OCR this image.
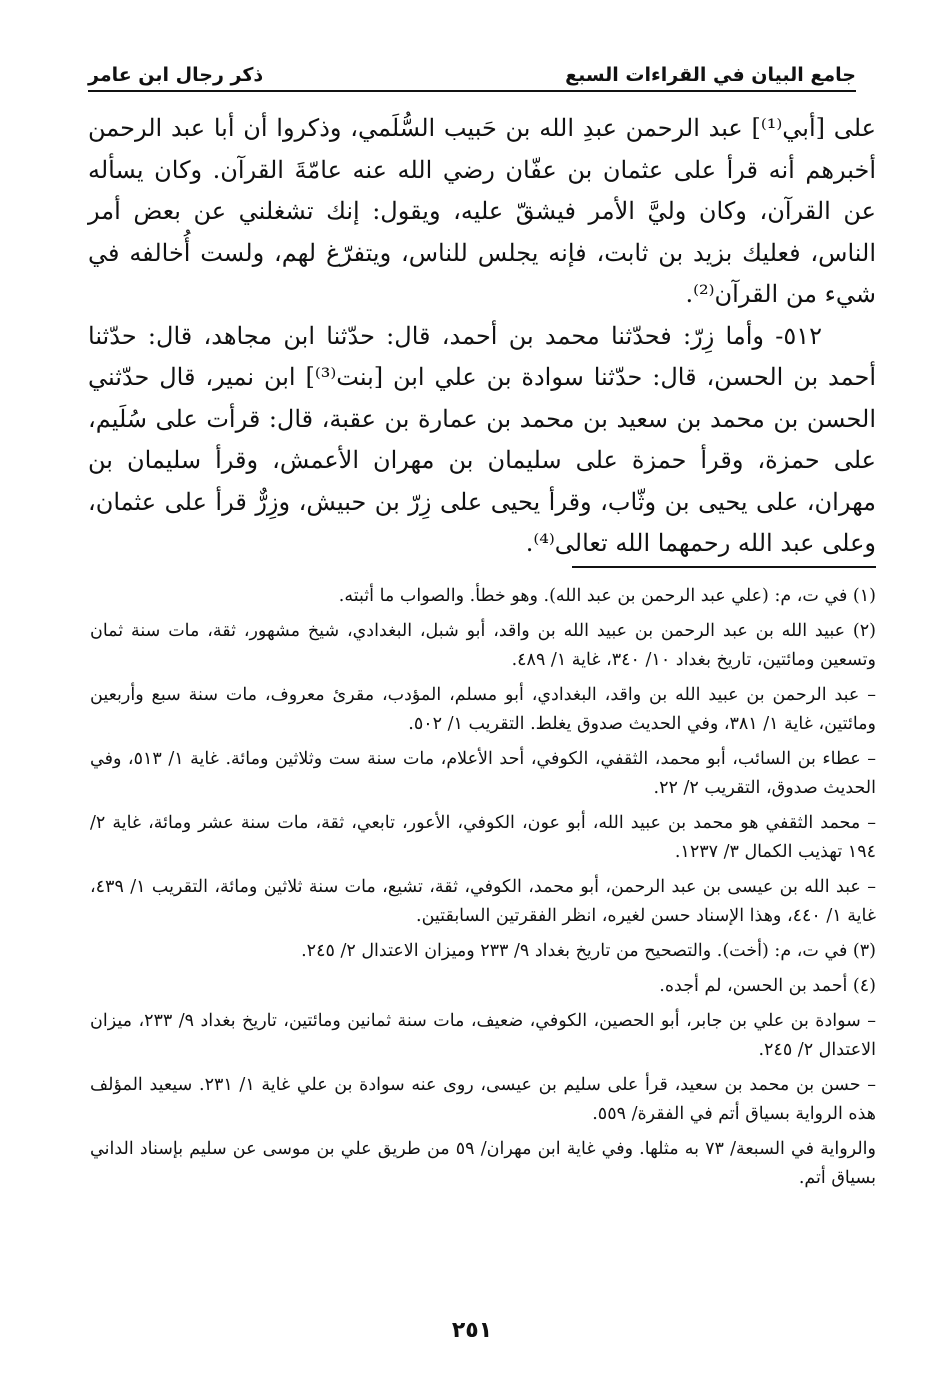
جامع البيان في القراءات السبع
ذكر رجال ابن عامر

على [أبي⁽¹⁾] عبد الرحمن عبدِ الله بن حَبيب السُّلَمي، وذكروا أن أبا عبد الرحمن أخبرهم أنه قرأ على عثمان بن عفّان رضي الله عنه عامّةَ القرآن. وكان يسأله عن القرآن، وكان وليَّ الأمر فيشقّ عليه، ويقول: إنك تشغلني عن بعض أمر الناس، فعليك بزيد بن ثابت، فإنه يجلس للناس، ويتفرّغ لهم، ولست أُخالفه في شيء من القرآن⁽²⁾.

٥١٢- وأما زِرّ: فحدّثنا محمد بن أحمد، قال: حدّثنا ابن مجاهد، قال: حدّثنا أحمد بن الحسن، قال: حدّثنا سوادة بن علي ابن [بنت⁽³⁾] ابن نمير، قال حدّثني الحسن بن محمد بن سعيد بن محمد بن عمارة بن عقبة، قال: قرأت على سُلَيم، على حمزة، وقرأ حمزة على سليمان بن مهران الأعمش، وقرأ سليمان بن مهران، على يحيى بن وثّاب، وقرأ يحيى على زِرّ بن حبيش، وزِرٌّ قرأ على عثمان، وعلى عبد الله رحمهما الله تعالى⁽⁴⁾.

(١) في ت، م: (علي عبد الرحمن بن عبد الله). وهو خطأ. والصواب ما أثبته.

(٢) عبيد الله بن عبد الرحمن بن عبيد الله بن واقد، أبو شبل، البغدادي، شيخ مشهور، ثقة، مات سنة ثمان وتسعين ومائتين، تاريخ بغداد ١٠/ ٣٤٠، غاية ١/ ٤٨٩.

– عبد الرحمن بن عبيد الله بن واقد، البغدادي، أبو مسلم، المؤدب، مقرئ معروف، مات سنة سبع وأربعين ومائتين، غاية ١/ ٣٨١، وفي الحديث صدوق يغلط. التقريب ١/ ٥٠٢.

– عطاء بن السائب، أبو محمد، الثقفي، الكوفي، أحد الأعلام، مات سنة ست وثلاثين ومائة. غاية ١/ ٥١٣، وفي الحديث صدوق، التقريب ٢/ ٢٢.

– محمد الثقفي هو محمد بن عبيد الله، أبو عون، الكوفي، الأعور، تابعي، ثقة، مات سنة عشر ومائة، غاية ٢/ ١٩٤ تهذيب الكمال ٣/ ١٢٣٧.

– عبد الله بن عيسى بن عبد الرحمن، أبو محمد، الكوفي، ثقة، تشيع، مات سنة ثلاثين ومائة، التقريب ١/ ٤٣٩، غاية ١/ ٤٤٠، وهذا الإسناد حسن لغيره، انظر الفقرتين السابقتين.

(٣) في ت، م: (أخت). والتصحيح من تاريخ بغداد ٩/ ٢٣٣ وميزان الاعتدال ٢/ ٢٤٥.

(٤) أحمد بن الحسن، لم أجده.

– سوادة بن علي بن جابر، أبو الحصين، الكوفي، ضعيف، مات سنة ثمانين ومائتين، تاريخ بغداد ٩/ ٢٣٣، ميزان الاعتدال ٢/ ٢٤٥.

– حسن بن محمد بن سعيد، قرأ على سليم بن عيسى، روى عنه سوادة بن علي غاية ١/ ٢٣١. سيعيد المؤلف هذه الرواية بسياق أتم في الفقرة/ ٥٥٩.

والرواية في السبعة/ ٧٣ به مثلها. وفي غاية ابن مهران/ ٥٩ من طريق علي بن موسى عن سليم بإسناد الداني بسياق أتم.

٢٥١
